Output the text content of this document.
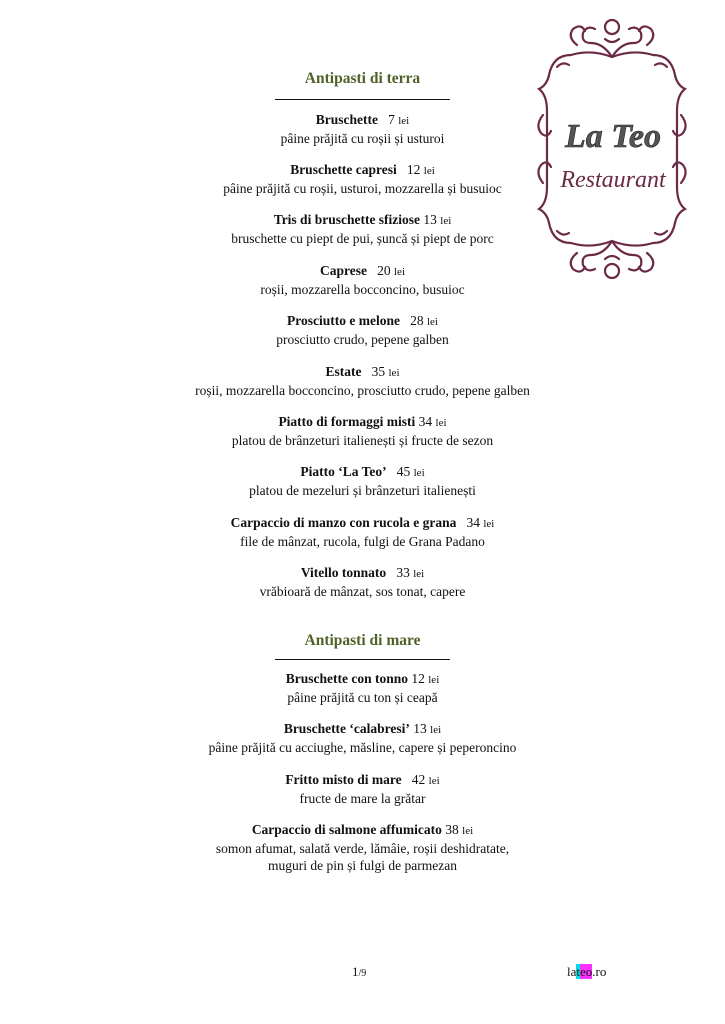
Antipasti di terra
Bruschette 7 lei
pâine prăjită cu roșii și usturoi
Bruschette capresi 12 lei
pâine prăjită cu roșii, usturoi, mozzarella și busuioc
Tris di bruschette sfiziose 13 lei
bruschette cu piept de pui, șuncă și piept de porc
Caprese 20 lei
roșii, mozzarella bocconcino, busuioc
Prosciutto e melone 28 lei
prosciutto crudo, pepene galben
Estate 35 lei
roșii, mozzarella bocconcino, prosciutto crudo, pepene galben
Piatto di formaggi misti 34 lei
platou de brânzeturi italienești și fructe de sezon
Piatto ‘La Teo’ 45 lei
platou de mezeluri și brânzeturi italienești
Carpaccio di manzo con rucola e grana 34 lei
file de mânzat, rucola, fulgi de Grana Padano
Vitello tonnato 33 lei
vrăbioară de mânzat, sos tonat, capere
Antipasti di mare
Bruschette con tonno 12 lei
pâine prăjită cu ton și ceapă
Bruschette ‘calabresi’ 13 lei
pâine prăjită cu acciughe, măsline, capere și peperoncino
Fritto misto di mare 42 lei
fructe de mare la grătar
Carpaccio di salmone affumicato 38 lei
somon afumat, salată verde, lămâie, roșii deshidratate,
muguri de pin și fulgi de parmezan
La Teo
Restaurant
1/9	lateo.ro
